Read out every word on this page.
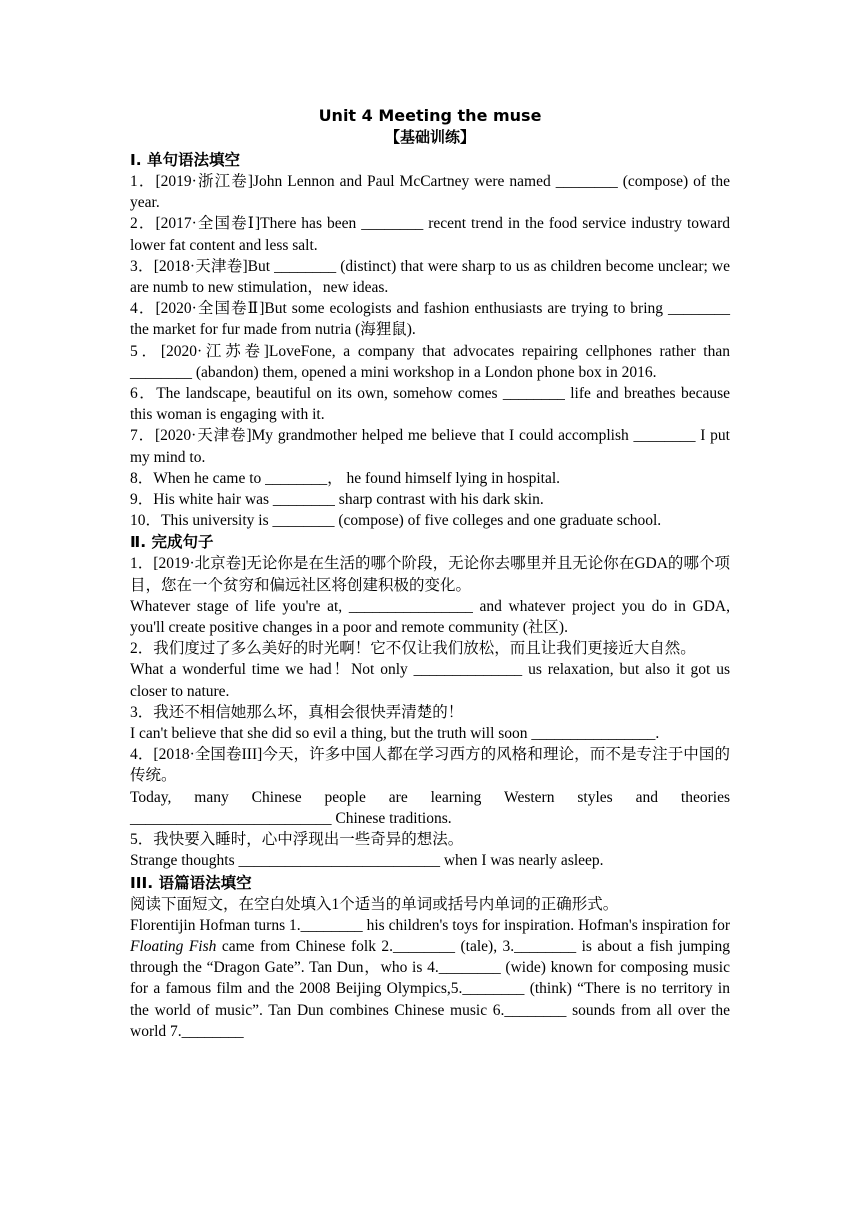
Unit 4 Meeting the muse
【基础训练】
Ⅰ. 单句语法填空

1．[2019·浙江卷]John Lennon and Paul McCartney were named ________ (compose) of the year.

2．[2017·全国卷Ⅰ]There has been ________ recent trend in the food service industry toward lower fat content and less salt.

3．[2018·天津卷]But ________ (distinct) that were sharp to us as children become unclear; we are numb to new stimulation，new ideas.

4．[2020·全国卷Ⅱ]But some ecologists and fashion enthusiasts are trying to bring ________ the market for fur made from nutria (海狸鼠).

5．[2020·江苏卷]LoveFone, a company that advocates repairing cellphones rather than ________ (abandon) them, opened a mini workshop in a London phone box in 2016.

6．The landscape, beautiful on its own, somehow comes ________ life and breathes because this woman is engaging with it.

7．[2020·天津卷]My grandmother helped me believe that I could accomplish ________ I put my mind to.

8．When he came to ________， he found himself lying in hospital.

9．His white hair was ________ sharp contrast with his dark skin.

10．This university is ________ (compose) of five colleges and one graduate school.

Ⅱ. 完成句子

1．[2019·北京卷]无论你是在生活的哪个阶段，无论你去哪里并且无论你在GDA的哪个项目，您在一个贫穷和偏远社区将创建积极的变化。

Whatever stage of life you're at, ________________ and whatever project you do in GDA, you'll create positive changes in a poor and remote community (社区).

2．我们度过了多么美好的时光啊！它不仅让我们放松，而且让我们更接近大自然。

What a wonderful time we had！Not only ______________ us relaxation, but also it got us closer to nature.

3．我还不相信她那么坏，真相会很快弄清楚的！

I can't believe that she did so evil a thing, but the truth will soon ________________.

4．[2018·全国卷III]今天，许多中国人都在学习西方的风格和理论，而不是专注于中国的传统。

Today, many Chinese people are learning Western styles and theories __________________________ Chinese traditions.

5．我快要入睡时，心中浮现出一些奇异的想法。

Strange thoughts __________________________ when I was nearly asleep.

III. 语篇语法填空

阅读下面短文，在空白处填入1个适当的单词或括号内单词的正确形式。

Florentijin Hofman turns 1.________ his children's toys for inspiration. Hofman's inspiration for Floating Fish came from Chinese folk 2.________ (tale), 3.________ is about a fish jumping through the “Dragon Gate”. Tan Dun，who is 4.________ (wide) known for composing music for a famous film and the 2008 Beijing Olympics,5.________ (think) “There is no territory in the world of music”. Tan Dun combines Chinese music 6.________ sounds from all over the world 7.________
